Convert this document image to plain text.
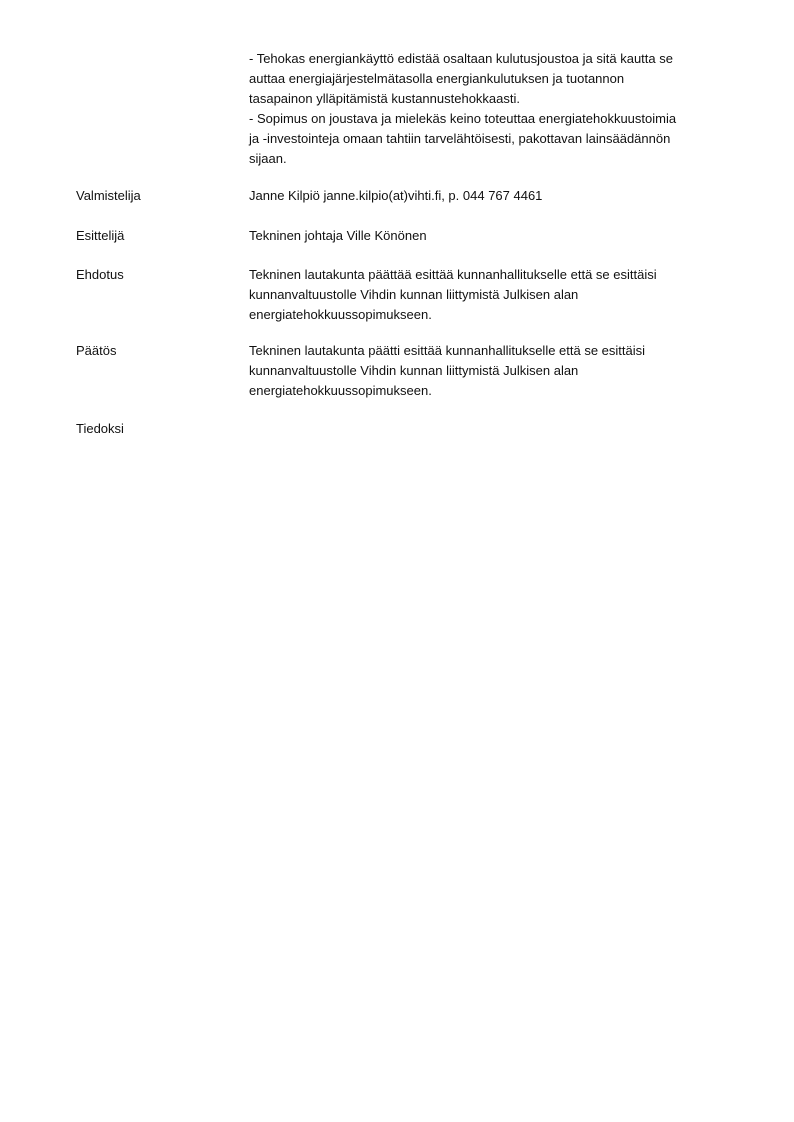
- Tehokas energiankäyttö edistää osaltaan kulutusjoustoa ja sitä kautta se

auttaa energiajärjestelmätasolla energiankulutuksen ja tuotannon

tasapainon ylläpitämistä kustannustehokkaasti.

- Sopimus on joustava ja mielekäs keino toteuttaa energiatehokkuustoimia

ja -investointeja omaan tahtiin tarvelähtöisesti, pakottavan lainsäädännön

sijaan.

Valmistelija	Janne Kilpiö janne.kilpio(at)vihti.fi, p. 044 767 4461
Esittelijä	Tekninen johtaja Ville Könönen
Ehdotus	Tekninen lautakunta päättää esittää kunnanhallitukselle että se esittäisi

kunnanvaltuustolle Vihdin kunnan liittymistä Julkisen alan

energiatehokkuussopimukseen.

Päätös	Tekninen lautakunta päätti esittää kunnanhallitukselle että se esittäisi

kunnanvaltuustolle Vihdin kunnan liittymistä Julkisen alan

energiatehokkuussopimukseen.

Tiedoksi
